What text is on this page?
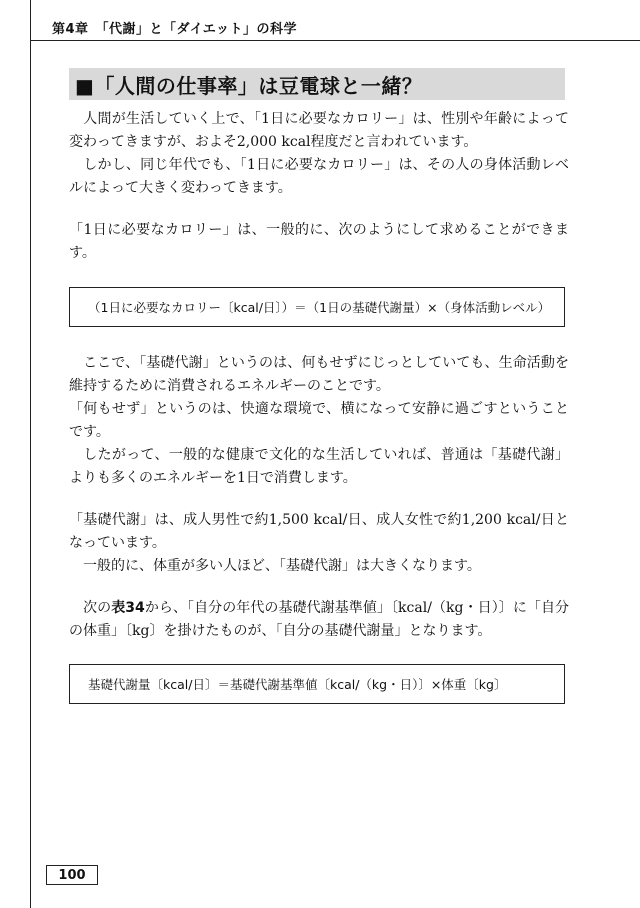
第4章　「代謝」と「ダイエット」の科学
■「人間の仕事率」は豆電球と一緒？

　人間が生活していく上で、「1日に必要なカロリー」は、性別や年齢によって変わってきますが、およそ2,000 kcal程度だと言われています。

　しかし、同じ年代でも、「1日に必要なカロリー」は、その人の身体活動レベルによって大きく変わってきます。

「1日に必要なカロリー」は、一般的に、次のようにして求めることができます。

（1日に必要なカロリー〔kcal/日〕）＝（1日の基礎代謝量）×（身体活動レベル）

　ここで、「基礎代謝」というのは、何もせずにじっとしていても、生命活動を維持するために消費されるエネルギーのことです。

「何もせず」というのは、快適な環境で、横になって安静に過ごすということです。

　したがって、一般的な健康で文化的な生活していれば、普通は「基礎代謝」よりも多くのエネルギーを1日で消費します。

「基礎代謝」は、成人男性で約1,500 kcal/日、成人女性で約1,200 kcal/日となっています。

　一般的に、体重が多い人ほど、「基礎代謝」は大きくなります。

　次の表34から、「自分の年代の基礎代謝基準値」〔kcal/（kg・日）〕に「自分の体重」〔kg〕を掛けたものが、「自分の基礎代謝量」となります。

基礎代謝量〔kcal/日〕＝基礎代謝基準値〔kcal/（kg・日）〕×体重〔kg〕
100
